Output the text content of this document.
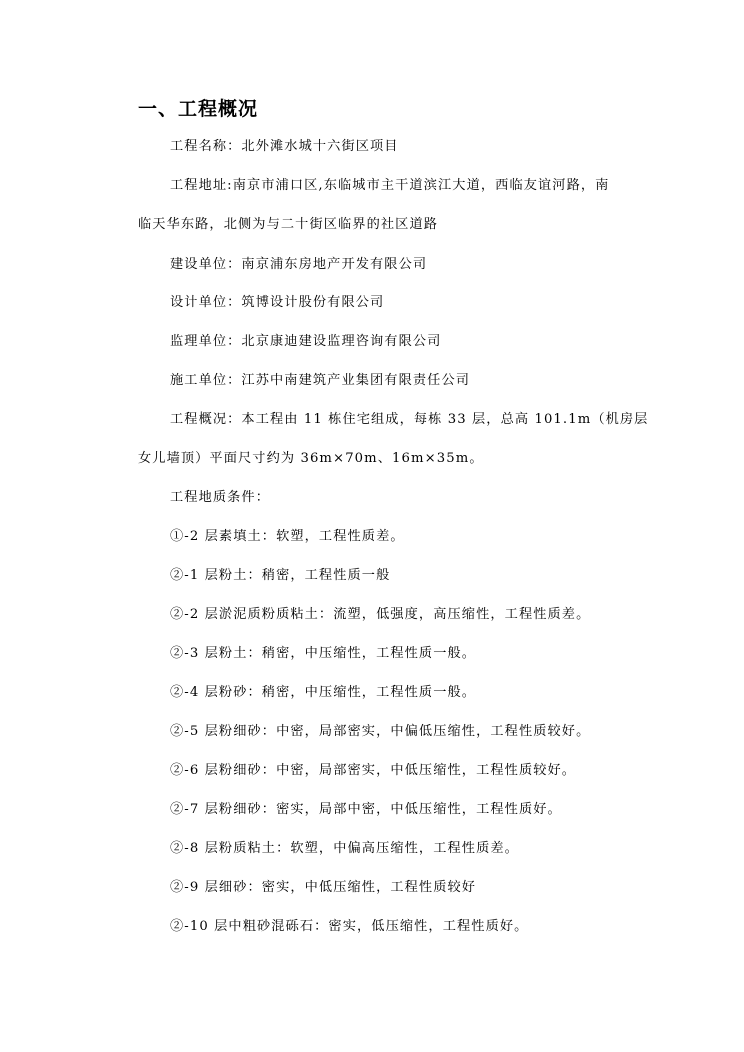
一、工程概况

工程名称：北外滩水城十六街区项目

工程地址:南京市浦口区,东临城市主干道滨江大道，西临友谊河路，南

临天华东路，北侧为与二十街区临界的社区道路

建设单位：南京浦东房地产开发有限公司

设计单位：筑博设计股份有限公司

监理单位：北京康迪建设监理咨询有限公司

施工单位：江苏中南建筑产业集团有限责任公司

工程概况：本工程由 11 栋住宅组成，每栋 33 层，总高 101.1m（机房层

女儿墙顶）平面尺寸约为 36m×70m、16m×35m。

工程地质条件：

①-2 层素填土：软塑，工程性质差。

②-1 层粉土：稍密，工程性质一般

②-2 层淤泥质粉质粘土：流塑，低强度，高压缩性，工程性质差。

②-3 层粉土：稍密，中压缩性，工程性质一般。

②-4 层粉砂：稍密，中压缩性，工程性质一般。

②-5 层粉细砂：中密，局部密实，中偏低压缩性，工程性质较好。

②-6 层粉细砂：中密，局部密实，中低压缩性，工程性质较好。

②-7 层粉细砂：密实，局部中密，中低压缩性，工程性质好。

②-8 层粉质粘土：软塑，中偏高压缩性，工程性质差。

②-9 层细砂：密实，中低压缩性，工程性质较好

②-10 层中粗砂混砾石：密实，低压缩性，工程性质好。
